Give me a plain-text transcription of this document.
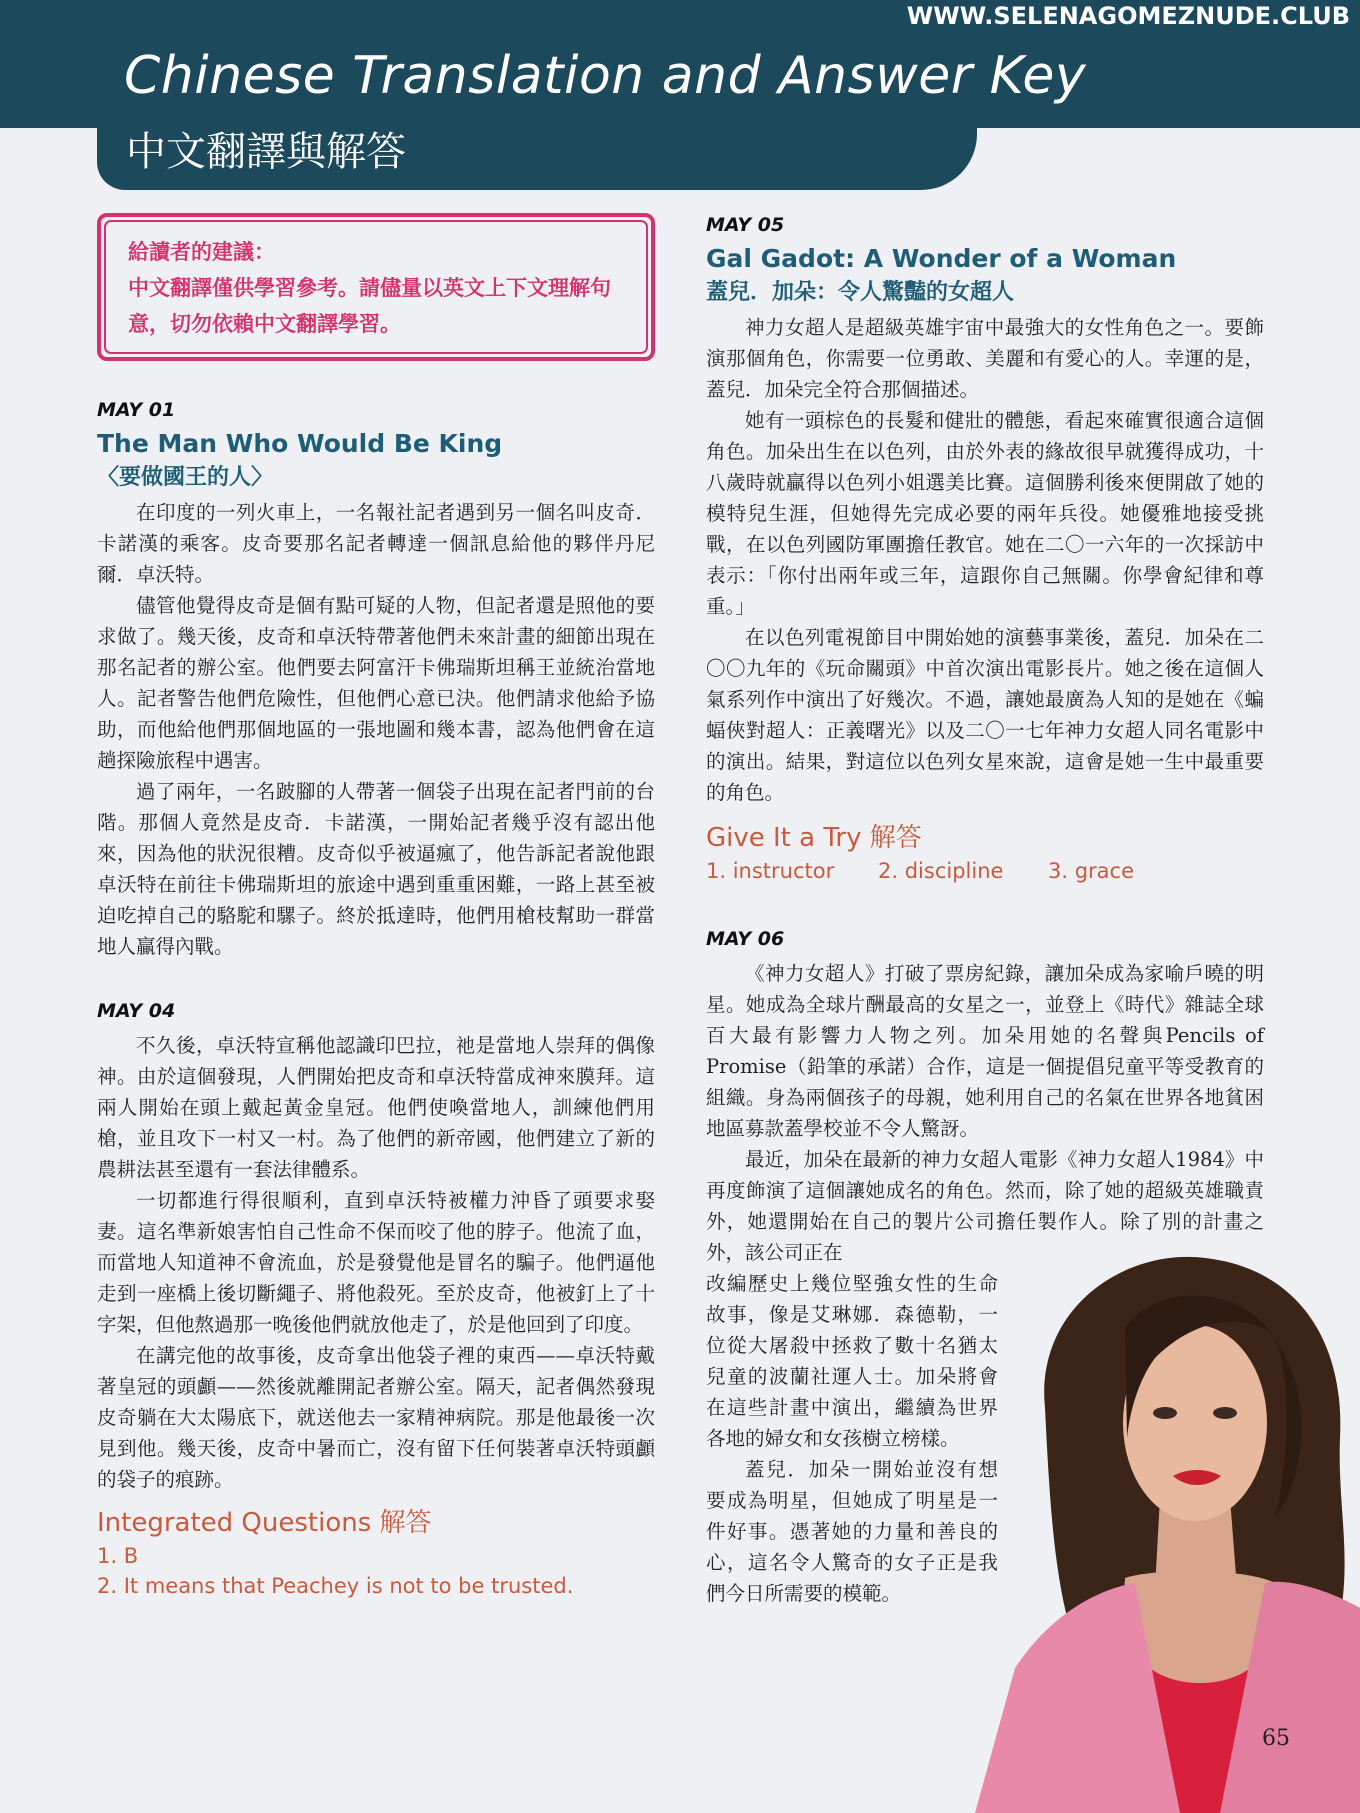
WWW.SELENAGOMEZNUDE.CLUB
Chinese Translation and Answer Key
中文翻譯與解答

給讀者的建議：

中文翻譯僅供學習參考。請儘量以英文上下文理解句意，切勿依賴中文翻譯學習。

MAY 01

The Man Who Would Be King

〈要做國王的人〉

在印度的一列火車上，一名報社記者遇到另一個名叫皮奇．卡諾漢的乘客。皮奇要那名記者轉達一個訊息給他的夥伴丹尼爾．卓沃特。

儘管他覺得皮奇是個有點可疑的人物，但記者還是照他的要求做了。幾天後，皮奇和卓沃特帶著他們未來計畫的細節出現在那名記者的辦公室。他們要去阿富汗卡佛瑞斯坦稱王並統治當地人。記者警告他們危險性，但他們心意已決。他們請求他給予協助，而他給他們那個地區的一張地圖和幾本書，認為他們會在這趟探險旅程中遇害。

過了兩年，一名跛腳的人帶著一個袋子出現在記者門前的台階。那個人竟然是皮奇．卡諾漢，一開始記者幾乎沒有認出他來，因為他的狀況很糟。皮奇似乎被逼瘋了，他告訴記者說他跟卓沃特在前往卡佛瑞斯坦的旅途中遇到重重困難，一路上甚至被迫吃掉自己的駱駝和騾子。終於抵達時，他們用槍枝幫助一群當地人贏得內戰。

MAY 04

不久後，卓沃特宣稱他認識印巴拉，祂是當地人崇拜的偶像神。由於這個發現，人們開始把皮奇和卓沃特當成神來膜拜。這兩人開始在頭上戴起黃金皇冠。他們使喚當地人，訓練他們用槍，並且攻下一村又一村。為了他們的新帝國，他們建立了新的農耕法甚至還有一套法律體系。

一切都進行得很順利，直到卓沃特被權力沖昏了頭要求娶妻。這名準新娘害怕自己性命不保而咬了他的脖子。他流了血，而當地人知道神不會流血，於是發覺他是冒名的騙子。他們逼他走到一座橋上後切斷繩子、將他殺死。至於皮奇，他被釘上了十字架，但他熬過那一晚後他們就放他走了，於是他回到了印度。

在講完他的故事後，皮奇拿出他袋子裡的東西——卓沃特戴著皇冠的頭顱——然後就離開記者辦公室。隔天，記者偶然發現皮奇躺在大太陽底下，就送他去一家精神病院。那是他最後一次見到他。幾天後，皮奇中暑而亡，沒有留下任何裝著卓沃特頭顱的袋子的痕跡。

Integrated Questions 解答

1. B

2. It means that Peachey is not to be trusted.

MAY 05

Gal Gadot: A Wonder of a Woman

蓋兒．加朵：令人驚豔的女超人

神力女超人是超級英雄宇宙中最強大的女性角色之一。要飾演那個角色，你需要一位勇敢、美麗和有愛心的人。幸運的是，蓋兒．加朵完全符合那個描述。

她有一頭棕色的長髮和健壯的體態，看起來確實很適合這個角色。加朵出生在以色列，由於外表的緣故很早就獲得成功，十八歲時就贏得以色列小姐選美比賽。這個勝利後來便開啟了她的模特兒生涯，但她得先完成必要的兩年兵役。她優雅地接受挑戰，在以色列國防軍團擔任教官。她在二〇一六年的一次採訪中表示：「你付出兩年或三年，這跟你自己無關。你學會紀律和尊重。」

在以色列電視節目中開始她的演藝事業後，蓋兒．加朵在二〇〇九年的《玩命關頭》中首次演出電影長片。她之後在這個人氣系列作中演出了好幾次。不過，讓她最廣為人知的是她在《蝙蝠俠對超人：正義曙光》以及二〇一七年神力女超人同名電影中的演出。結果，對這位以色列女星來說，這會是她一生中最重要的角色。

Give It a Try 解答

1. instructor 2. discipline 3. grace

MAY 06

《神力女超人》打破了票房紀錄，讓加朵成為家喻戶曉的明星。她成為全球片酬最高的女星之一，並登上《時代》雜誌全球百大最有影響力人物之列。加朵用她的名聲與Pencils of Promise（鉛筆的承諾）合作，這是一個提倡兒童平等受教育的組織。身為兩個孩子的母親，她利用自己的名氣在世界各地貧困地區募款蓋學校並不令人驚訝。

最近，加朵在最新的神力女超人電影《神力女超人1984》中再度飾演了這個讓她成名的角色。然而，除了她的超級英雄職責外，她還開始在自己的製片公司擔任製作人。除了別的計畫之外，該公司正在

改編歷史上幾位堅強女性的生命故事，像是艾琳娜．森德勒，一位從大屠殺中拯救了數十名猶太兒童的波蘭社運人士。加朵將會在這些計畫中演出，繼續為世界各地的婦女和女孩樹立榜樣。

蓋兒．加朵一開始並沒有想要成為明星，但她成了明星是一件好事。憑著她的力量和善良的心，這名令人驚奇的女子正是我們今日所需要的模範。

65
